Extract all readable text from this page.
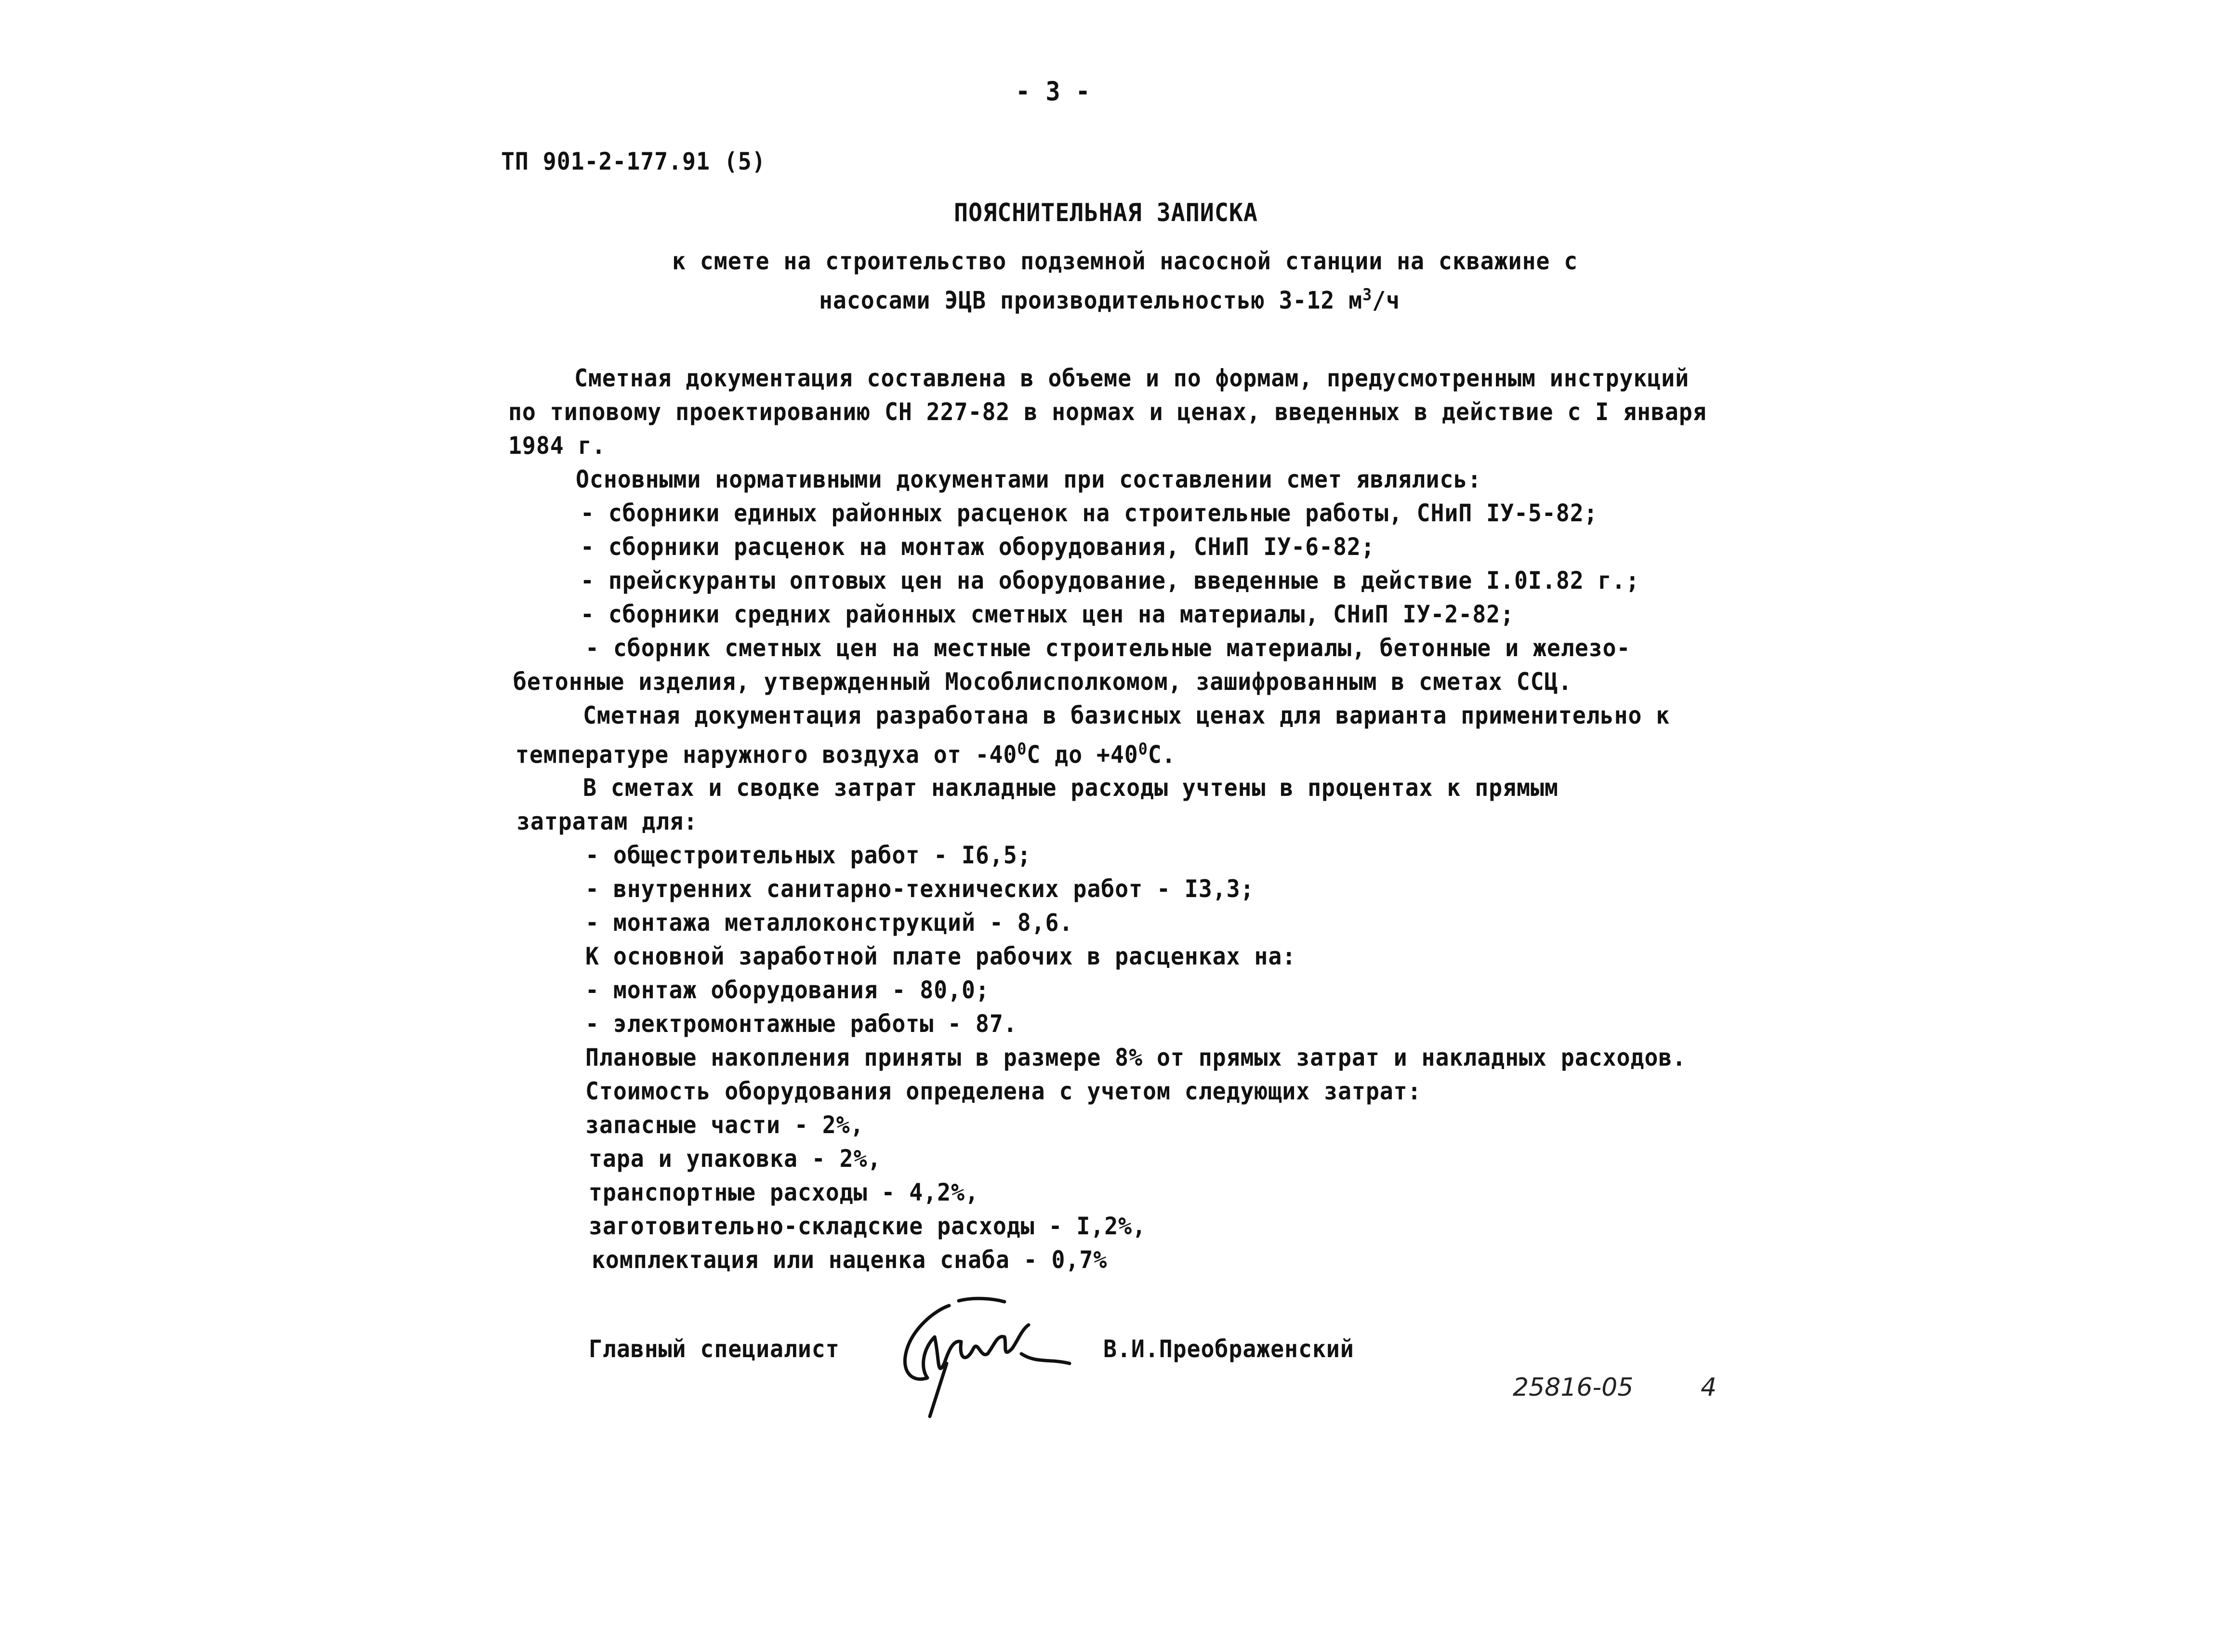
- 3 -
ТП 901-2-177.91 (5)
ПОЯСНИТЕЛЬНАЯ ЗАПИСКА
к смете на строительство подземной насосной станции на скважине с
насосами ЭЦВ производительностью 3-12 $м^3/ч$
Сметная документация составлена в объеме и по формам, предусмотренным инструкций
по типовому проектированию СН 227-82 в нормах и ценах, введенных в действие с I января
1984 г.
Основными нормативными документами при составлении смет являлись:
- сборники единых районных расценок на строительные работы, СНиП IУ-5-82;
- сборники расценок на монтаж оборудования, СНиП IУ-6-82;
- прейскуранты оптовых цен на оборудование, введенные в действие I.0I.82 г.;
- сборники средних районных сметных цен на материалы, СНиП IУ-2-82;
- сборник сметных цен на местные строительные материалы, бетонные и железо-
бетонные изделия, утвержденный Мособлисполкомом, зашифрованным в сметах ССЦ.
Сметная документация разработана в базисных ценах для варианта применительно к
температуре наружного воздуха от $-40^0С$ до $+40^0С$.
В сметах и сводке затрат накладные расходы учтены в процентах к прямым
затратам для:
- общестроительных работ - I6,5;
- внутренних санитарно-технических работ - I3,3;
- монтажа металлоконструкций - 8,6.
К основной заработной плате рабочих в расценках на:
- монтаж оборудования - 80,0;
- электромонтажные работы - 87.
Плановые накопления приняты в размере 8% от прямых затрат и накладных расходов.
Стоимость оборудования определена с учетом следующих затрат:
запасные части - 2%,
тара и упаковка - 2%,
транспортные расходы - 4,2%,
заготовительно-складские расходы - I,2%,
комплектация или наценка снаба - 0,7%
Главный специалист	В.И.Преображенский
25816-05	4
